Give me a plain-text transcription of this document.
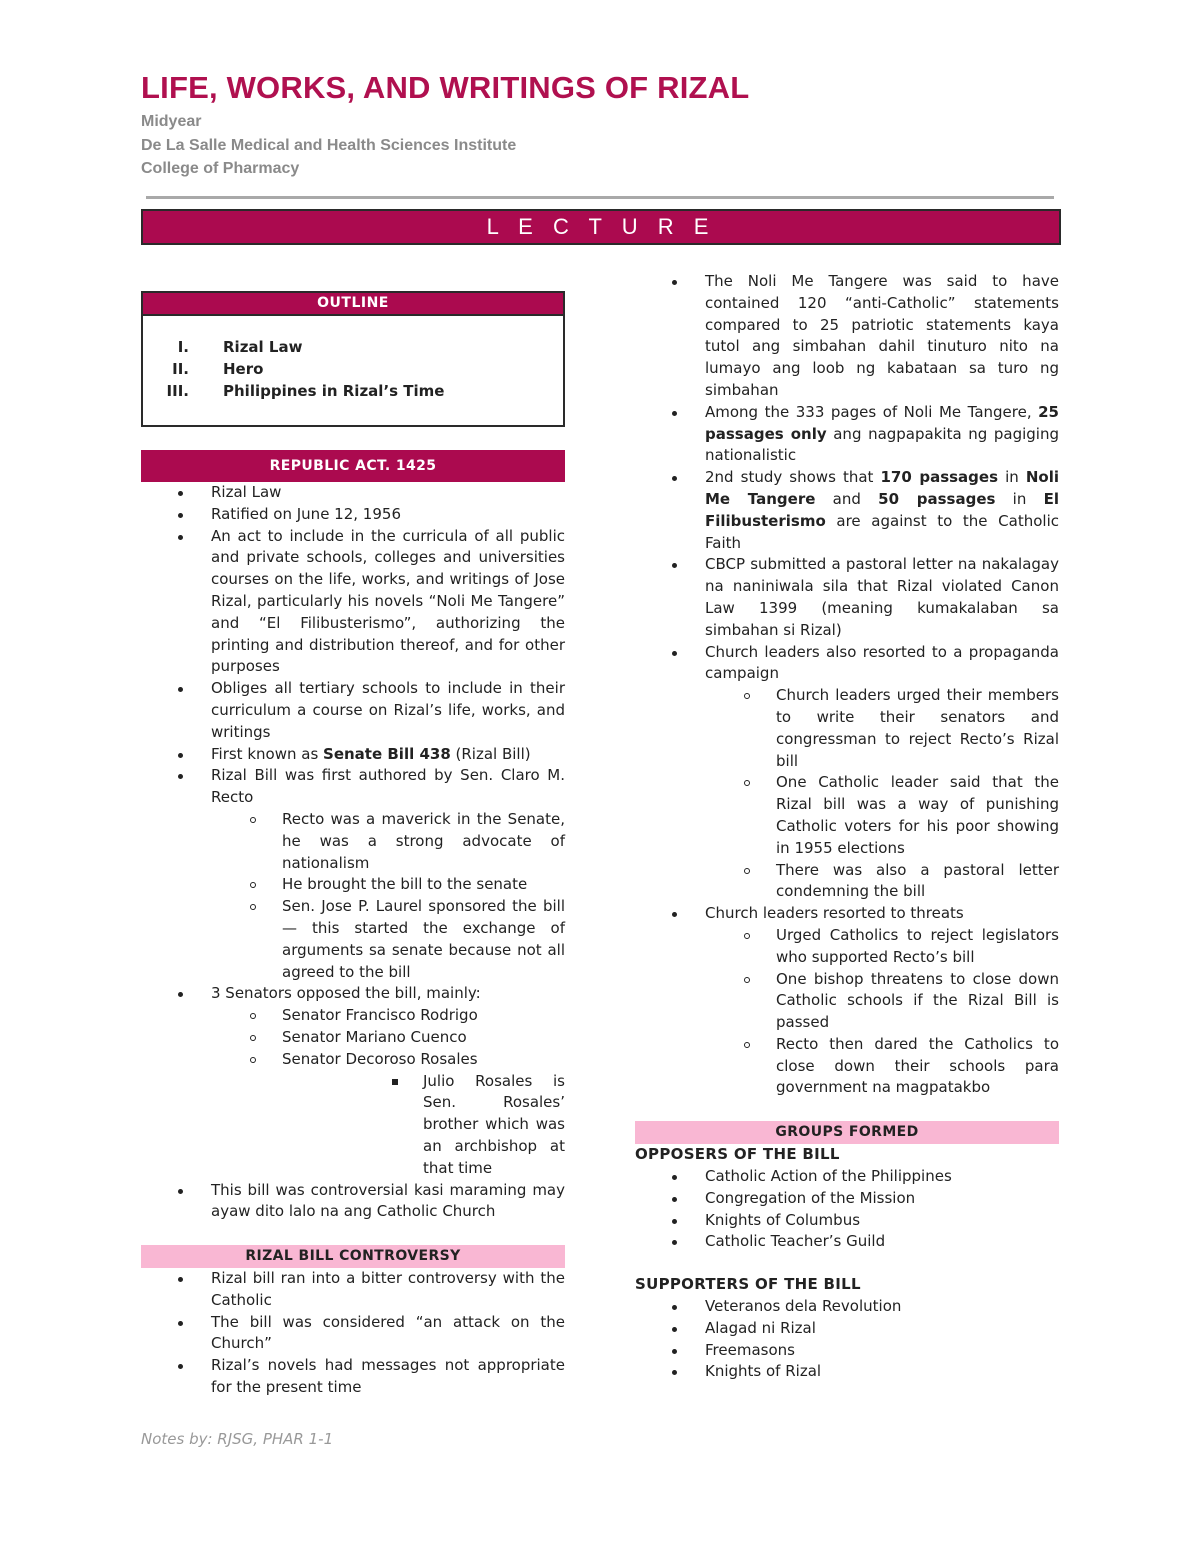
LIFE, WORKS, AND WRITINGS OF RIZAL
Midyear
De La Salle Medical and Health Sciences Institute
College of Pharmacy
L E C T U R E
OUTLINE
I. Rizal Law
II. Hero
III. Philippines in Rizal’s Time
REPUBLIC ACT. 1425
Rizal Law
Ratified on June 12, 1956
An act to include in the curricula of all public and private schools, colleges and universities courses on the life, works, and writings of Jose Rizal, particularly his novels “Noli Me Tangere” and “El Filibusterismo”, authorizing the printing and distribution thereof, and for other purposes
Obliges all tertiary schools to include in their curriculum a course on Rizal’s life, works, and writings
First known as Senate Bill 438 (Rizal Bill)
Rizal Bill was first authored by Sen. Claro M. Recto
Recto was a maverick in the Senate, he was a strong advocate of nationalism
He brought the bill to the senate
Sen. Jose P. Laurel sponsored the bill — this started the exchange of arguments sa senate because not all agreed to the bill
3 Senators opposed the bill, mainly:
Senator Francisco Rodrigo
Senator Mariano Cuenco
Senator Decoroso Rosales
Julio Rosales is Sen. Rosales’ brother which was an archbishop at that time
This bill was controversial kasi maraming may ayaw dito lalo na ang Catholic Church
RIZAL BILL CONTROVERSY
Rizal bill ran into a bitter controversy with the Catholic
The bill was considered “an attack on the Church”
Rizal’s novels had messages not appropriate for the present time
The Noli Me Tangere was said to have contained 120 “anti-Catholic” statements compared to 25 patriotic statements kaya tutol ang simbahan dahil tinuturo nito na lumayo ang loob ng kabataan sa turo ng simbahan
Among the 333 pages of Noli Me Tangere, 25 passages only ang nagpapakita ng pagiging nationalistic
2nd study shows that 170 passages in Noli Me Tangere and 50 passages in El Filibusterismo are against to the Catholic Faith
CBCP submitted a pastoral letter na nakalagay na naniniwala sila that Rizal violated Canon Law 1399 (meaning kumakalaban sa simbahan si Rizal)
Church leaders also resorted to a propaganda campaign
Church leaders urged their members to write their senators and congressman to reject Recto’s Rizal bill
One Catholic leader said that the Rizal bill was a way of punishing Catholic voters for his poor showing in 1955 elections
There was also a pastoral letter condemning the bill
Church leaders resorted to threats
Urged Catholics to reject legislators who supported Recto’s bill
One bishop threatens to close down Catholic schools if the Rizal Bill is passed
Recto then dared the Catholics to close down their schools para government na magpatakbo
GROUPS FORMED
OPPOSERS OF THE BILL
Catholic Action of the Philippines
Congregation of the Mission
Knights of Columbus
Catholic Teacher’s Guild
SUPPORTERS OF THE BILL
Veteranos dela Revolution
Alagad ni Rizal
Freemasons
Knights of Rizal
Notes by: RJSG, PHAR 1-1
